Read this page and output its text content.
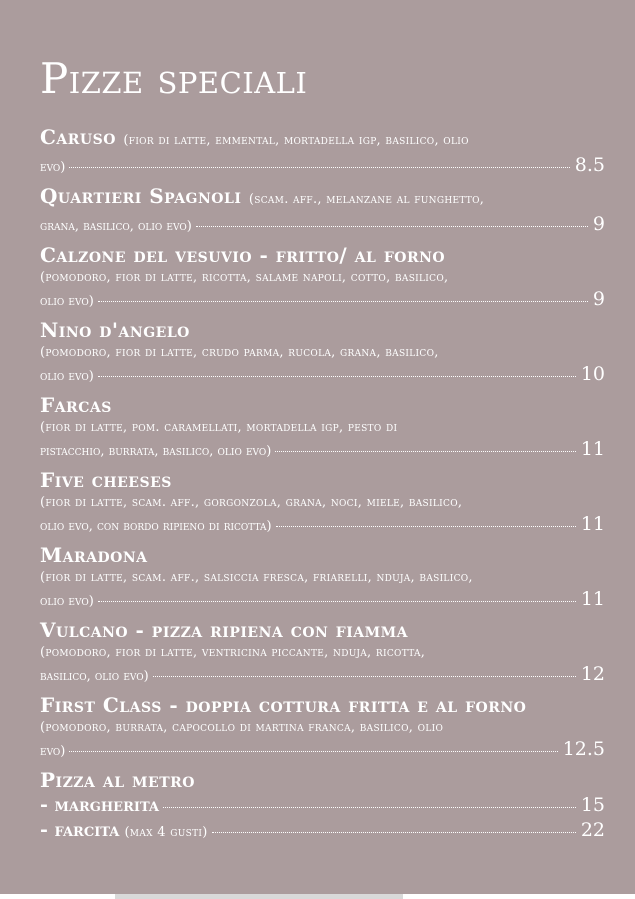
Pizze speciali
Caruso (fior di latte, emmental, mortadella igp, basilico, olio
evo)	8.5
Quartieri Spagnoli (scam. aff., melanzane al funghetto,
grana, basilico, olio evo)	9
Calzone del vesuvio - fritto/ al forno
(pomodoro, fior di latte, ricotta, salame napoli, cotto, basilico,
olio evo)	9
Nino d'angelo
(pomodoro, fior di latte, crudo parma, rucola, grana, basilico,
olio evo)	10
Farcas
(fior di latte, pom. caramellati, mortadella igp, pesto di
pistacchio, burrata, basilico, olio evo)	11
Five cheeses
(fior di latte, scam. aff., gorgonzola, grana, noci, miele, basilico,
olio evo, con bordo ripieno di ricotta)	11
Maradona
(fior di latte, scam. aff., salsiccia fresca, friarelli, nduja, basilico,
olio evo)	11
Vulcano - pizza ripiena con fiamma
(pomodoro, fior di latte, ventricina piccante, nduja, ricotta,
basilico, olio evo)	12
First Class - doppia cottura fritta e al forno
(pomodoro, burrata, capocollo di martina franca, basilico, olio
evo)	12.5
Pizza al metro
- margherita	15
- farcita
(max 4 gusti)	22
